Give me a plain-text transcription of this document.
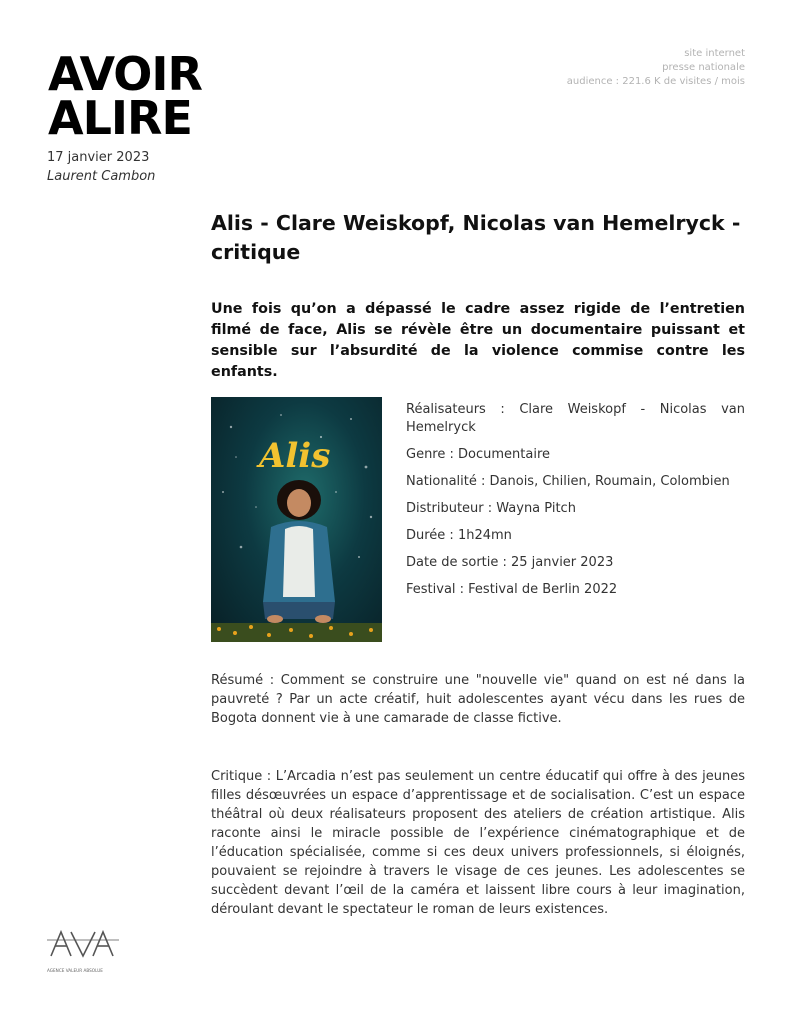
AVOIR
ALIRE
site internet
presse nationale
audience : 221.6 K de visites / mois
17 janvier 2023
Laurent Cambon
Alis - Clare Weiskopf, Nicolas van Hemelryck - critique

Une fois qu’on a dépassé le cadre assez rigide de l’entretien filmé de face, Alis se révèle être un documentaire puissant et sensible sur l’absurdité de la violence commise contre les enfants.

Alis
Réalisateurs : Clare Weiskopf - Nicolas van Hemelryck
Genre : Documentaire
Nationalité : Danois, Chilien, Roumain, Colombien
Distributeur : Wayna Pitch
Durée : 1h24mn
Date de sortie : 25 janvier 2023
Festival : Festival de Berlin 2022

Résumé : Comment se construire une "nouvelle vie" quand on est né dans la pauvreté ? Par un acte créatif, huit adolescentes ayant vécu dans les rues de Bogota donnent vie à une camarade de classe fictive.

Critique : L’Arcadia n’est pas seulement un centre éducatif qui offre à des jeunes filles désœuvrées un espace d’apprentissage et de socialisation. C’est un espace théâtral où deux réalisateurs proposent des ateliers de création artistique. Alis raconte ainsi le miracle possible de l’expérience cinématographique et de l’éducation spécialisée, comme si ces deux univers professionnels, si éloignés, pouvaient se rejoindre à travers le visage de ces jeunes. Les adolescentes se succèdent devant l’œil de la caméra et laissent libre cours à leur imagination, déroulant devant le spectateur le roman de leurs existences.

AGENCE VALEUR ABSOLUE
